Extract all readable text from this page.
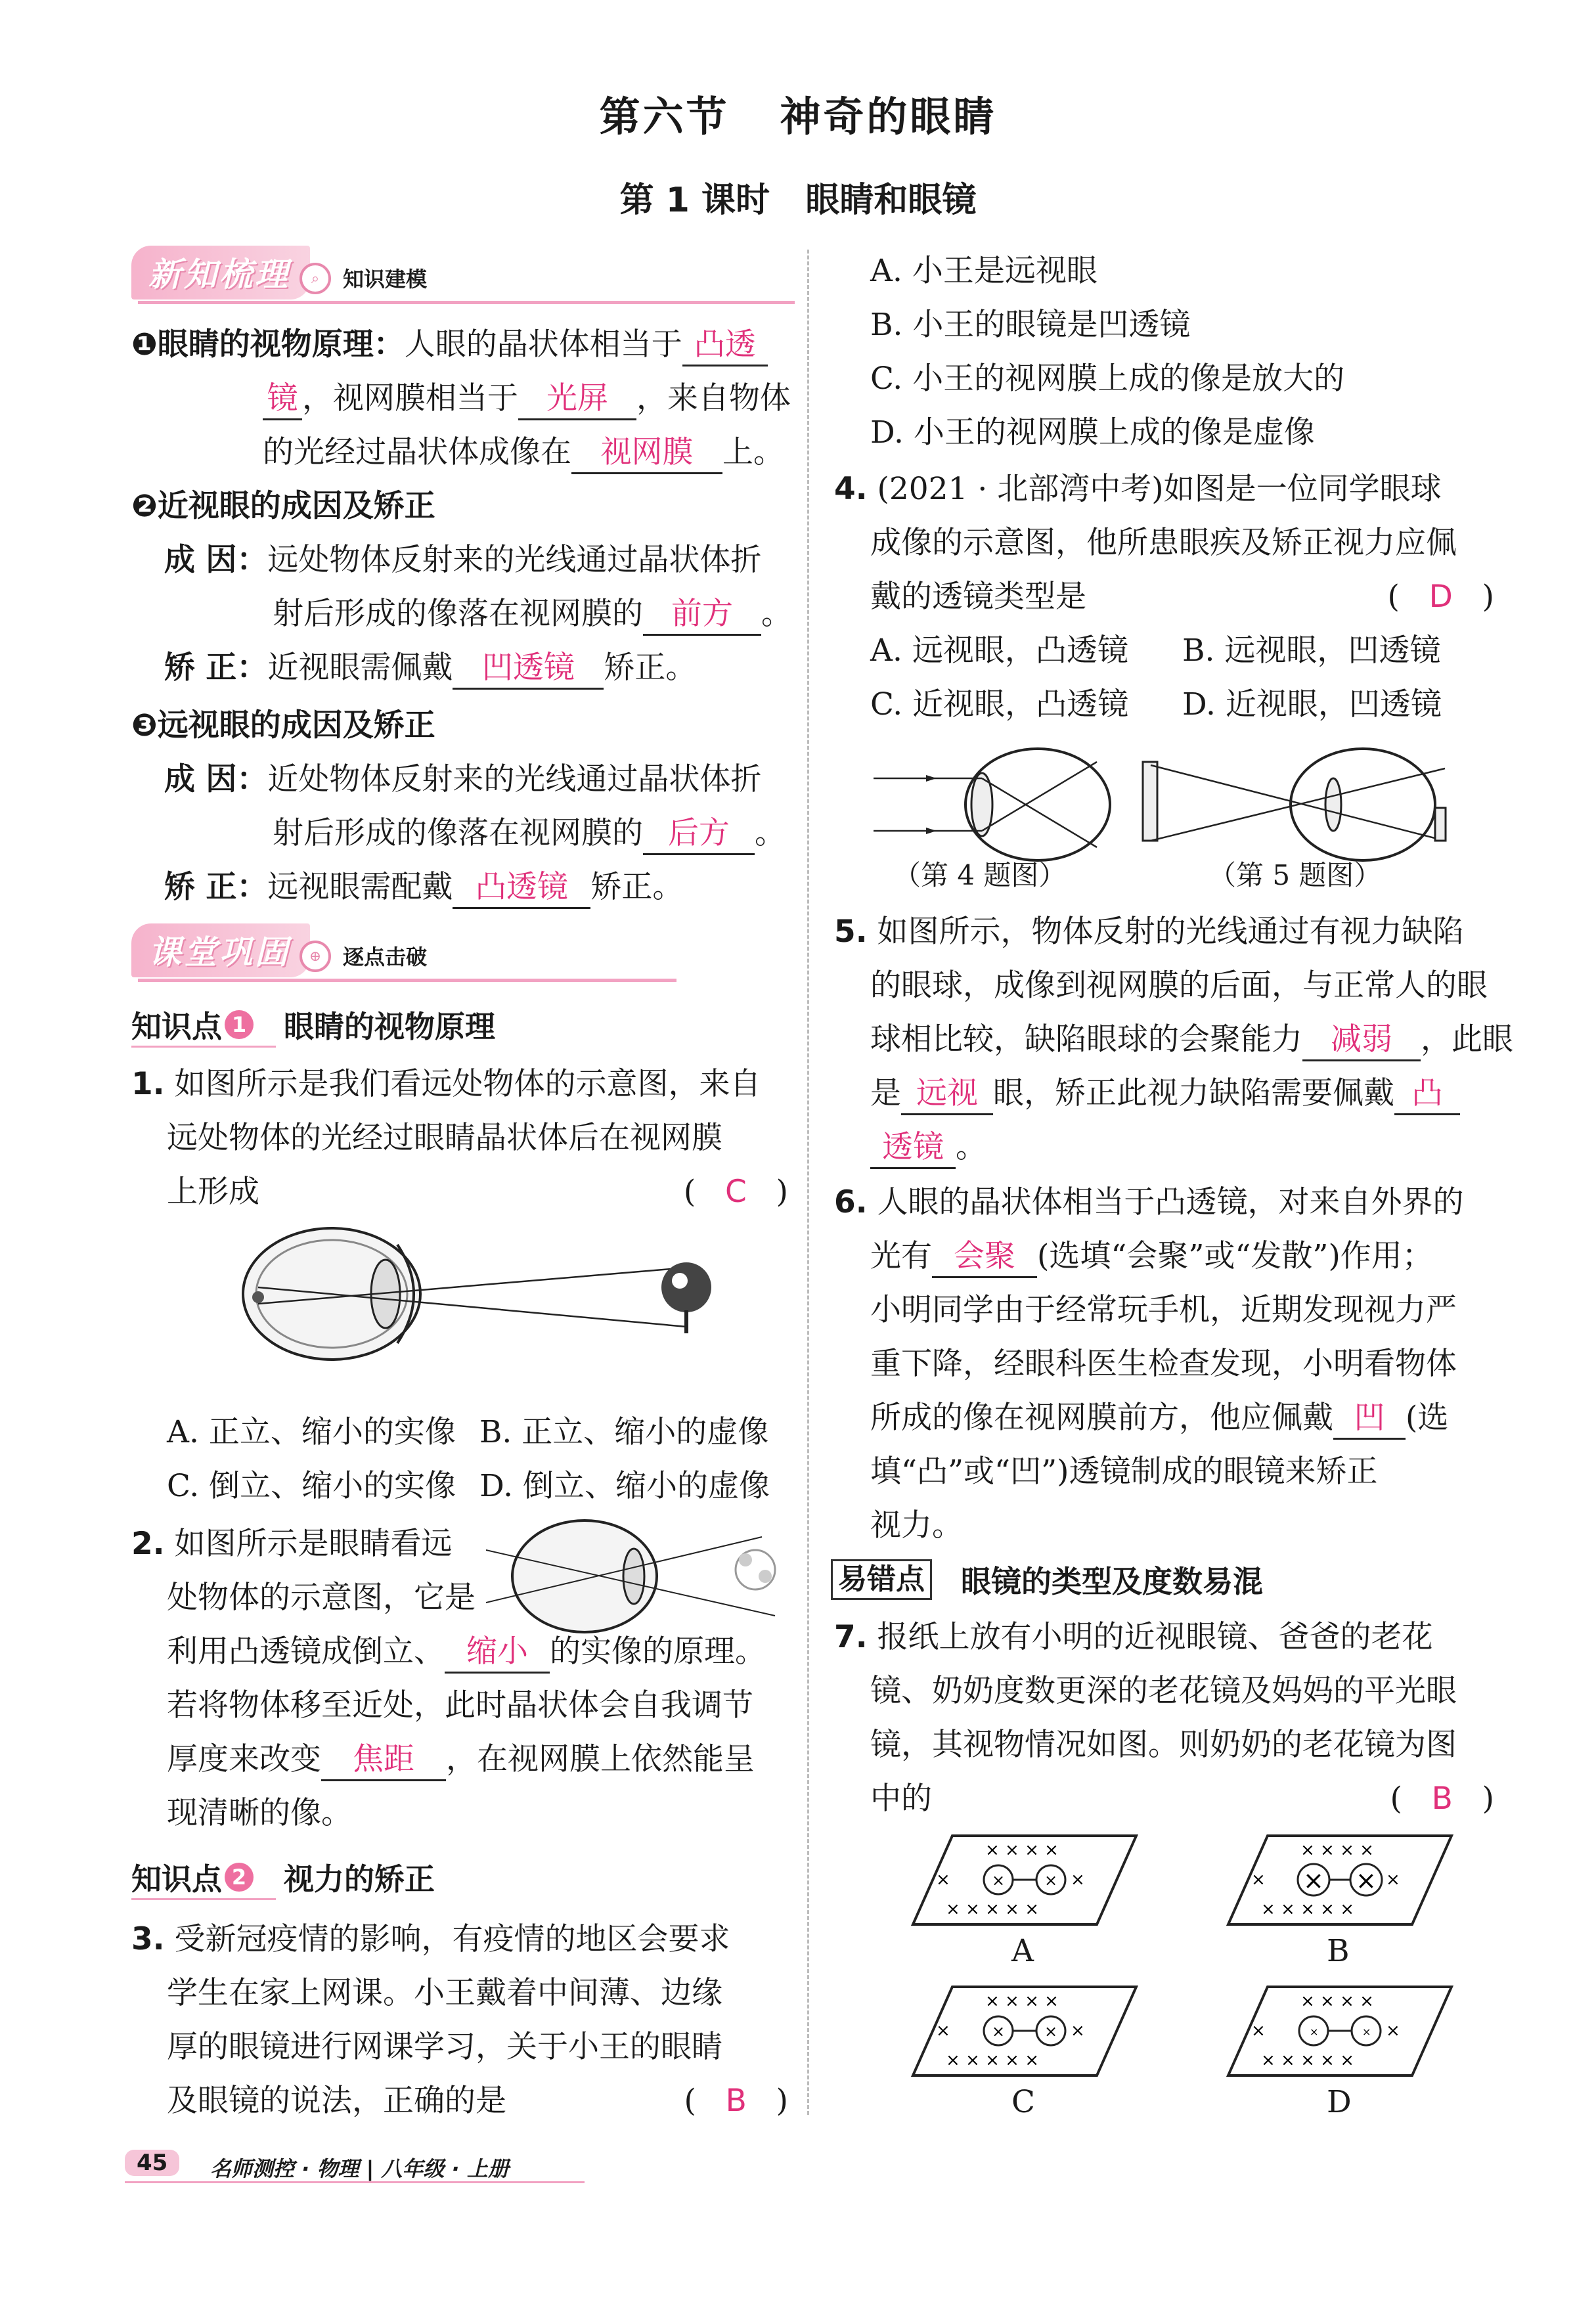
第六节   神奇的眼睛
第 1 课时   眼睛和眼镜
新知梳理	⌕	知识建模
❶眼睛的视物原理：人眼的晶状体相当于 凸透
镜 ，视网膜相当于 光屏 ，来自物体
的光经过晶状体成像在 视网膜 上。
❷近视眼的成因及矫正
成 因：远处物体反射来的光线通过晶状体折
射后形成的像落在视网膜的 前方 。
矫 正：近视眼需佩戴 凹透镜 矫正。
❸远视眼的成因及矫正
成 因：近处物体反射来的光线通过晶状体折
射后形成的像落在视网膜的 后方 。
矫 正：远视眼需配戴 凸透镜 矫正。
课堂巩固	⊕	逐点击破
知识点 1 眼睛的视物原理
1. 如图所示是我们看远处物体的示意图，来自
远处物体的光经过眼睛晶状体后在视网膜
上形成	(   C   )
A. 正立、缩小的实像 B. 正立、缩小的虚像
C. 倒立、缩小的实像 D. 倒立、缩小的虚像
2. 如图所示是眼睛看远
处物体的示意图，它是
利用凸透镜成倒立、 缩小 的实像的原理。
若将物体移至近处，此时晶状体会自我调节
厚度来改变 焦距 ，在视网膜上依然能呈
现清晰的像。
知识点 2 视力的矫正
3. 受新冠疫情的影响，有疫情的地区会要求
学生在家上网课。小王戴着中间薄、边缘
厚的眼镜进行网课学习，关于小王的眼睛
及眼镜的说法，正确的是	(   B   )
45	名师测控 · 物理 | 八年级 · 上册
A. 小王是远视眼
B. 小王的眼镜是凹透镜
C. 小王的视网膜上成的像是放大的
D. 小王的视网膜上成的像是虚像
4. (2021 · 北部湾中考)如图是一位同学眼球
成像的示意图，他所患眼疾及矫正视力应佩
戴的透镜类型是	(   D   )
A. 远视眼，凸透镜 B. 远视眼，凹透镜
C. 近视眼，凸透镜 D. 近视眼，凹透镜
（第 4 题图）	（第 5 题图）
5. 如图所示，物体反射的光线通过有视力缺陷
的眼球，成像到视网膜的后面，与正常人的眼
球相比较，缺陷眼球的会聚能力 减弱 ，此眼
是 远视 眼，矫正此视力缺陷需要佩戴 凸
透镜 。
6. 人眼的晶状体相当于凸透镜，对来自外界的
光有 会聚 (选填“会聚”或“发散”)作用；
小明同学由于经常玩手机，近期发现视力严
重下降，经眼科医生检查发现，小明看物体
所成的像在视网膜前方，他应佩戴 凹 (选
填“凸”或“凹”)透镜制成的眼镜来矫正
视力。
易错点 眼镜的类型及度数易混
7. 报纸上放有小明的近视眼镜、爸爸的老花
镜、奶奶度数更深的老花镜及妈妈的平光眼
镜，其视物情况如图。则奶奶的老花镜为图
中的	(   B   )
× × × ×
×	×
× × × × ×
× ×
A
× × × ×
×	×
× × × × ×
× ×
B
× × × ×
×	×
× × × × ×
× ×
C
× × × ×
×	×
× × × × ×
×	×
D
